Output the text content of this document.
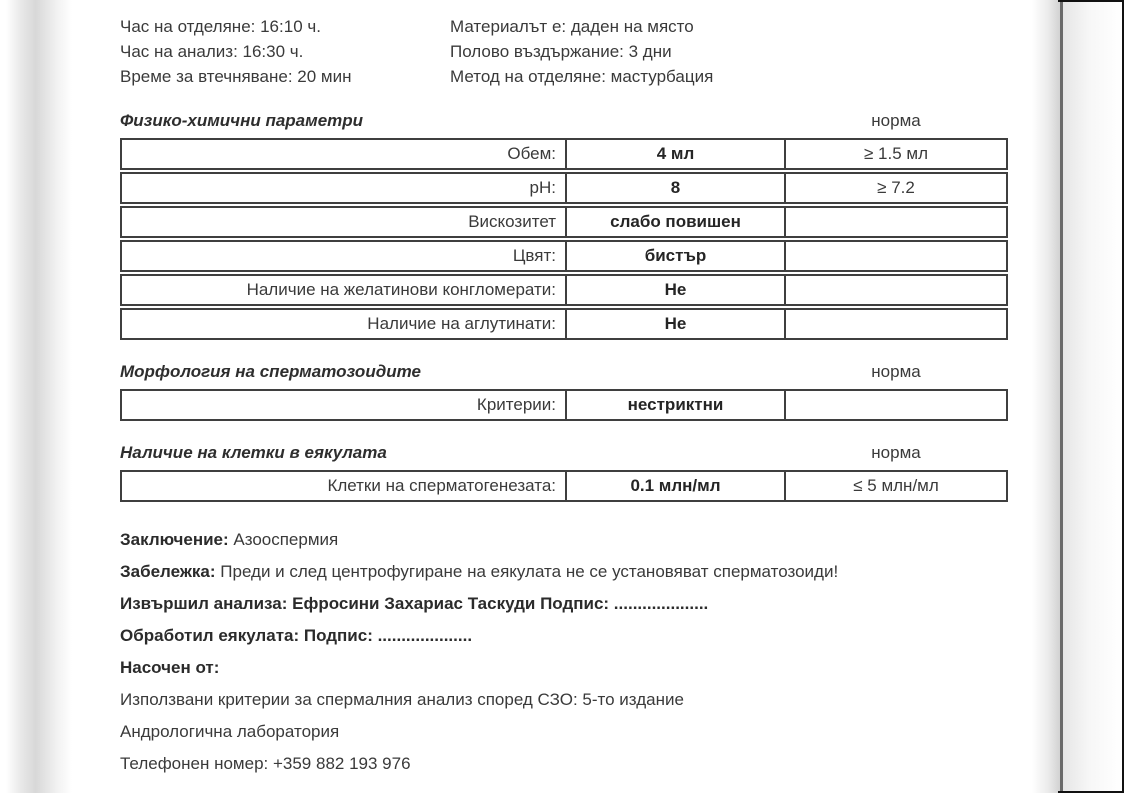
Час на отделяне: 16:10 ч.
Час на анализ: 16:30 ч.
Време за втечняване: 20 мин
Материалът е: даден на място
Полово въздържание: 3 дни
Метод на отделяне: мастурбация
Физико-химични параметри	норма
Обем:	4 мл	≥ 1.5 мл
pH:	8	≥ 7.2
Вискозитет	слабо повишен
Цвят:	бистър
Наличие на желатинови конгломерати:	Не
Наличие на аглутинати:	Не
Морфология на сперматозоидите	норма
Критерии:	нестриктни
Наличие на клетки в еякулата	норма
Клетки на сперматогенезата:	0.1 млн/мл	≤ 5 млн/мл

Заключение: Азооспермия

Забележка: Преди и след центрофугиране на еякулата не се установяват сперматозоиди!

Извършил анализа: Ефросини Захариас Таскуди Подпис: ....................

Обработил еякулата: Подпис: ....................

Насочен от:

Използвани критерии за спермалния анализ според СЗО: 5-то издание

Андрологична лаборатория

Телефонен номер: +359 882 193 976
